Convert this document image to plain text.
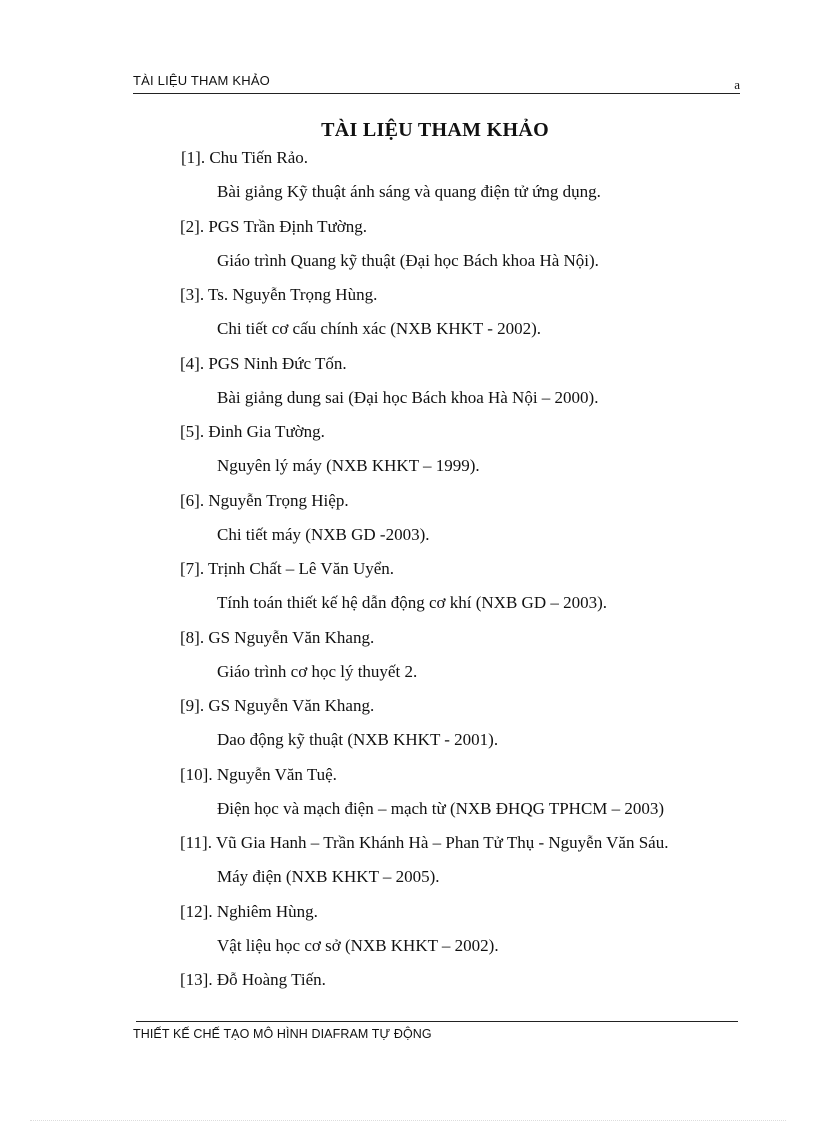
TÀI LIỆU THAM KHẢO	a
TÀI LIỆU THAM KHẢO
[1]. Chu Tiến Rảo.
Bài giảng Kỹ thuật ánh sáng và quang điện tử ứng dụng.
[2]. PGS Trần Định Tường.
Giáo trình Quang kỹ thuật (Đại học Bách khoa Hà Nội).
[3]. Ts. Nguyễn Trọng Hùng.
Chi tiết cơ cấu chính xác (NXB KHKT - 2002).
[4]. PGS Ninh Đức Tốn.
Bài giảng dung sai (Đại học Bách khoa Hà Nội – 2000).
[5]. Đinh Gia Tường.
Nguyên lý máy (NXB KHKT – 1999).
[6]. Nguyễn Trọng Hiệp.
Chi tiết máy (NXB GD -2003).
[7]. Trịnh Chất – Lê Văn Uyển.
Tính toán thiết kế hệ dẫn động cơ khí (NXB GD – 2003).
[8]. GS Nguyễn Văn Khang.
Giáo trình cơ học lý thuyết 2.
[9]. GS Nguyễn Văn Khang.
Dao động kỹ thuật (NXB KHKT - 2001).
[10]. Nguyễn Văn Tuệ.
Điện học và mạch điện – mạch từ (NXB ĐHQG TPHCM – 2003)
[11]. Vũ Gia Hanh – Trần Khánh Hà – Phan Tử Thụ - Nguyễn Văn Sáu.
Máy điện (NXB KHKT – 2005).
[12]. Nghiêm Hùng.
Vật liệu học cơ sở (NXB KHKT – 2002).
[13]. Đỗ Hoàng Tiến.
THIẾT KẾ CHẾ TẠO MÔ HÌNH DIAFRAM TỰ ĐỘNG
